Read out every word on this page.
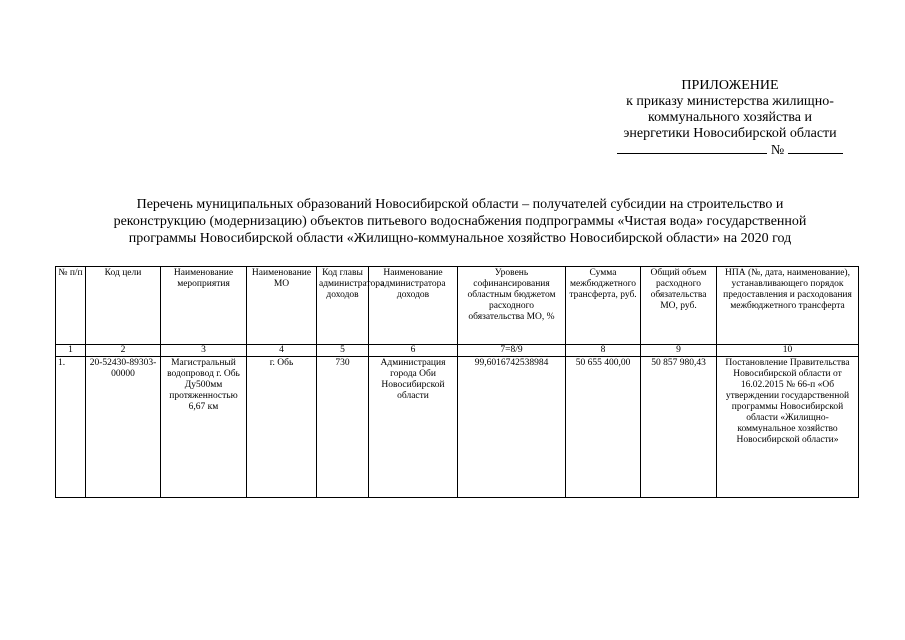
ПРИЛОЖЕНИЕ
к приказу министерства жилищно-
коммунального хозяйства и
энергетики Новосибирской области
№
Перечень муниципальных образований Новосибирской области – получателей субсидии на строительство и
реконструкцию (модернизацию) объектов питьевого водоснабжения подпрограммы «Чистая вода» государственной
программы Новосибирской области «Жилищно-коммунальное хозяйство Новосибирской области» на 2020 год
№ п/п	Код цели	Наименование мероприятия	Наименование МО	Код главы администратора доходов	Наименование администратора доходов	Уровень софинансирования областным бюджетом расходного обязательства МО, %	Сумма межбюджетного трансферта, руб.	Общий объем расходного обязательства МО, руб.	НПА (№, дата, наименование), устанавливающего порядок предоставления и расходования межбюджетного трансферта
1	2	3	4	5	6	7=8/9	8	9	10
1.	20-52430-89303-00000	Магистральный водопровод г. Обь Ду500мм протяженностью 6,67 км	г. Обь	730	Администрация города Оби Новосибирской области	99,6016742538984	50 655 400,00	50 857 980,43	Постановление Правительства Новосибирской области от 16.02.2015 № 66-п «Об утверждении государственной программы Новосибирской области «Жилищно-коммунальное хозяйство Новосибирской области»
